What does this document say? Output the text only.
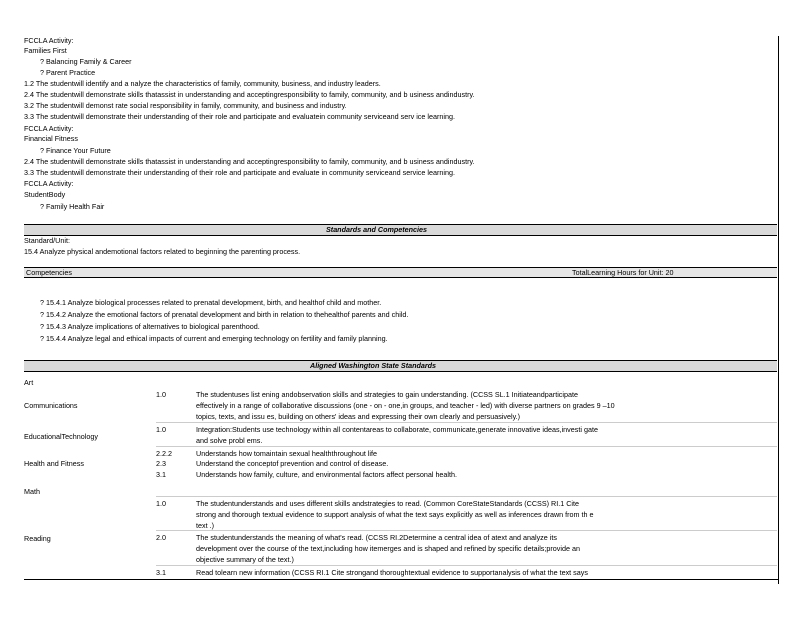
FCCLA Activity:
Families First
? Balancing Family & Career
? Parent Practice
1.2 The studentwill identify and a nalyze the characteristics of family, community, business, and industry leaders.
2.4 The studentwill demonstrate skills thatassist in understanding and acceptingresponsibility to family, community, and b usiness andindustry.
3.2 The studentwill demonst rate social responsibility in family, community, and business and industry.
3.3 The studentwill demonstrate their understanding of their role and participate and evaluatein community serviceand serv ice learning.
FCCLA Activity:
Financial Fitness
? Finance Your Future
2.4 The studentwill demonstrate skills thatassist in understanding and acceptingresponsibility to family, community, and b usiness andindustry.
3.3 The studentwill demonstrate their understanding of their role and participate and evaluate in community serviceand service learning.
FCCLA Activity:
StudentBody
? Family Health Fair
Standards and Competencies
Standard/Unit:
15.4 Analyze physical andemotional factors related to beginning the parenting process.
Competencies	TotalLearning Hours for Unit: 20
? 15.4.1 Analyze biological processes related to prenatal development, birth, and healthof child and mother.
? 15.4.2 Analyze the emotional factors of prenatal development and birth in relation to thehealthof parents and child.
? 15.4.3 Analyze implications of alternatives to biological parenthood.
? 15.4.4 Analyze legal and ethical impacts of current and emerging technology on fertility and family planning.
Aligned Washington State Standards
Art
Communications
EducationalTechnology
Health and Fitness
Math
Reading
1.0
1.0
2.2.2
2.3
3.1
1.0
2.0
3.1
The studentuses list ening andobservation skills and strategies to gain understanding. (CCSS SL.1 Initiateandparticipate
effectively in a range of collaborative discussions (one - on - one,in groups, and teacher - led) with diverse partners on grades 9 –10
topics, texts, and issu es, building on others' ideas and expressing their own clearly and persuasively.)
Integration:Students use technology within all contentareas to collaborate, communicate,generate innovative ideas,investi gate
and solve probl ems.
Understands how tomaintain sexual healththroughout life
Understand the conceptof prevention and control of disease.
Understands how family, culture, and environmental factors affect personal health.
The studentunderstands and uses different skills andstrategies to read. (Common CoreStateStandards (CCSS) RI.1 Cite
strong and thorough textual evidence to support analysis of what the text says explicitly as well as inferences drawn from th e
text .)
The studentunderstands the meaning of what's read. (CCSS RI.2Determine a central idea of atext and analyze its
development over the course of the text,including how itemerges and is shaped and refined by specific details;provide an
objective summary of the text.)
Read tolearn new information (CCSS RI.1 Cite strongand thoroughtextual evidence to supportanalysis of what the text says
